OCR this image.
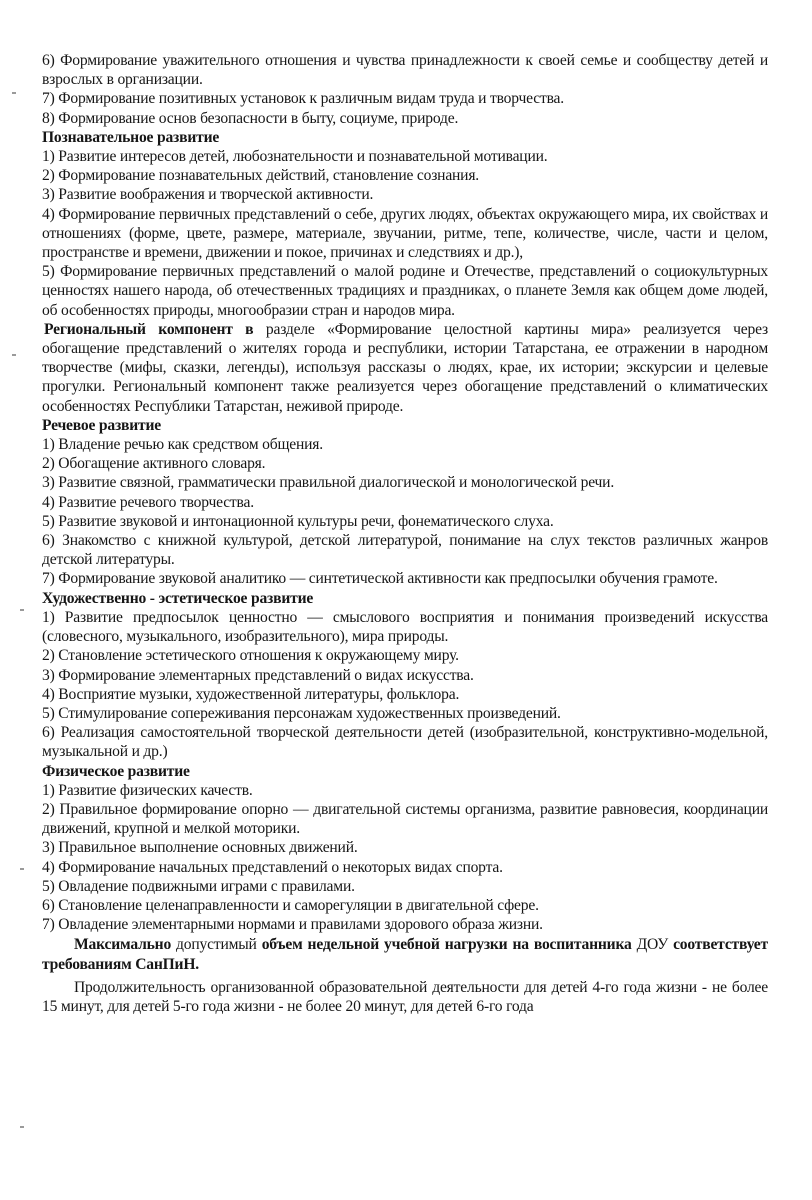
6) Формирование уважительного отношения и чувства принадлежности к своей семье и сообществу детей и взрослых в организации.

7) Формирование позитивных установок к различным видам труда и творчества.

8) Формирование основ безопасности в быту, социуме, природе.

Познавательное развитие

1) Развитие интересов детей, любознательности и познавательной мотивации.

2) Формирование познавательных действий, становление сознания.

3) Развитие воображения и творческой активности.

4) Формирование первичных представлений о себе, других людях, объектах окружающего мира, их свойствах и отношениях (форме, цвете, размере, материале, звучании, ритме, тепе, количестве, числе, части и целом, пространстве и времени, движении и покое, причинах и следствиях и др.),

5) Формирование первичных представлений о малой родине и Отечестве, представлений о социокультурных ценностях нашего народа, об отечественных традициях и праздниках, о планете Земля как общем доме людей, об особенностях природы, многообразии стран и народов мира.

Региональный компонент в разделе «Формирование целостной картины мира» реализуется через обогащение представлений о жителях города и республики, истории Татарстана, ее отражении в народном творчестве (мифы, сказки, легенды), используя рассказы о людях, крае, их истории; экскурсии и целевые прогулки. Региональный компонент также реализуется через обогащение представлений о климатических особенностях Республики Татарстан, неживой природе.

Речевое развитие

1) Владение речью как средством общения.

2) Обогащение активного словаря.

3) Развитие связной, грамматически правильной диалогической и монологической речи.

4) Развитие речевого творчества.

5) Развитие звуковой и интонационной культуры речи, фонематического слуха.

6) Знакомство с книжной культурой, детской литературой, понимание на слух текстов различных жанров детской литературы.

7) Формирование звуковой аналитико — синтетической активности как предпосылки обучения грамоте.

Художественно - эстетическое развитие

1) Развитие предпосылок ценностно — смыслового восприятия и понимания произведений искусства (словесного, музыкального, изобразительного), мира природы.

2) Становление эстетического отношения к окружающему миру.

3) Формирование элементарных представлений о видах искусства.

4) Восприятие музыки, художественной литературы, фольклора.

5) Стимулирование сопереживания персонажам художественных произведений.

6) Реализация самостоятельной творческой деятельности детей (изобразительной, конструктивно-модельной, музыкальной и др.)

Физическое развитие

1) Развитие физических качеств.

2) Правильное формирование опорно — двигательной системы организма, развитие равновесия, координации движений, крупной и мелкой моторики.

3) Правильное выполнение основных движений.

4) Формирование начальных представлений о некоторых видах спорта.

5) Овладение подвижными играми с правилами.

6) Становление целенаправленности и саморегуляции в двигательной сфере.

7) Овладение элементарными нормами и правилами здорового образа жизни.

Максимально допустимый объем недельной учебной нагрузки на воспитанника ДОУ соответствует требованиям СанПиН.

Продолжительность организованной образовательной деятельности для детей 4-го года жизни - не более 15 минут, для детей 5-го года жизни - не более 20 минут, для детей 6-го года
